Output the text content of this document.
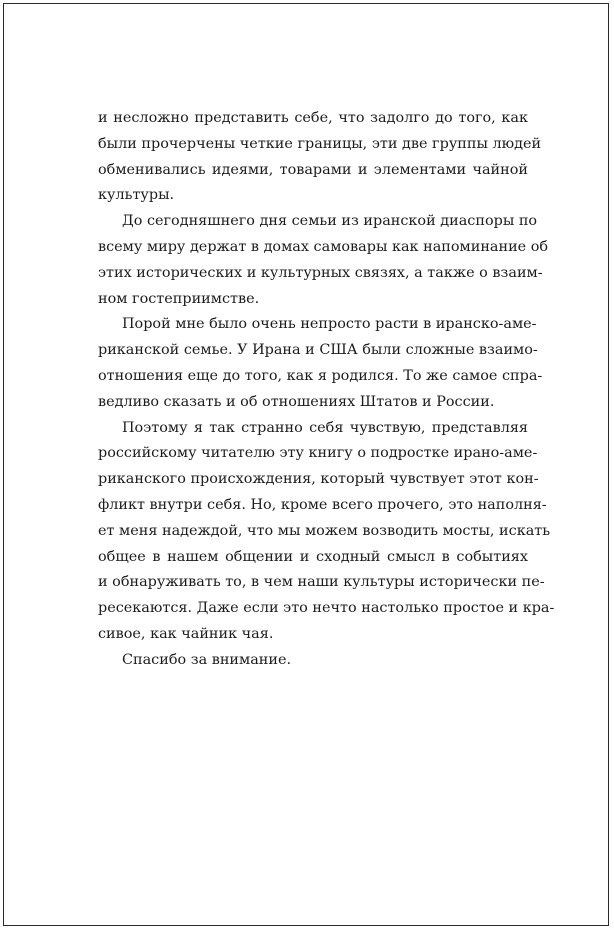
и несложно представить себе, что задолго до того, как
были прочерчены четкие границы, эти две группы людей
обменивались идеями, товарами и элементами чайной
культуры.
До сегодняшнего дня семьи из иранской диаспоры по
всему миру держат в домах самовары как напоминание об
этих исторических и культурных связях, а также о взаим-
ном гостеприимстве.
Порой мне было очень непросто расти в иранско-аме-
риканской семье. У Ирана и США были сложные взаимо-
отношения еще до того, как я родился. То же самое спра-
ведливо сказать и об отношениях Штатов и России.
Поэтому я так странно себя чувствую, представляя
российскому читателю эту книгу о подростке ирано-аме-
риканского происхождения, который чувствует этот кон-
фликт внутри себя. Но, кроме всего прочего, это наполня-
ет меня надеждой, что мы можем возводить мосты, искать
общее в нашем общении и сходный смысл в событиях
и обнаруживать то, в чем наши культуры исторически пе-
ресекаются. Даже если это нечто настолько простое и кра-
сивое, как чайник чая.
Спасибо за внимание.
